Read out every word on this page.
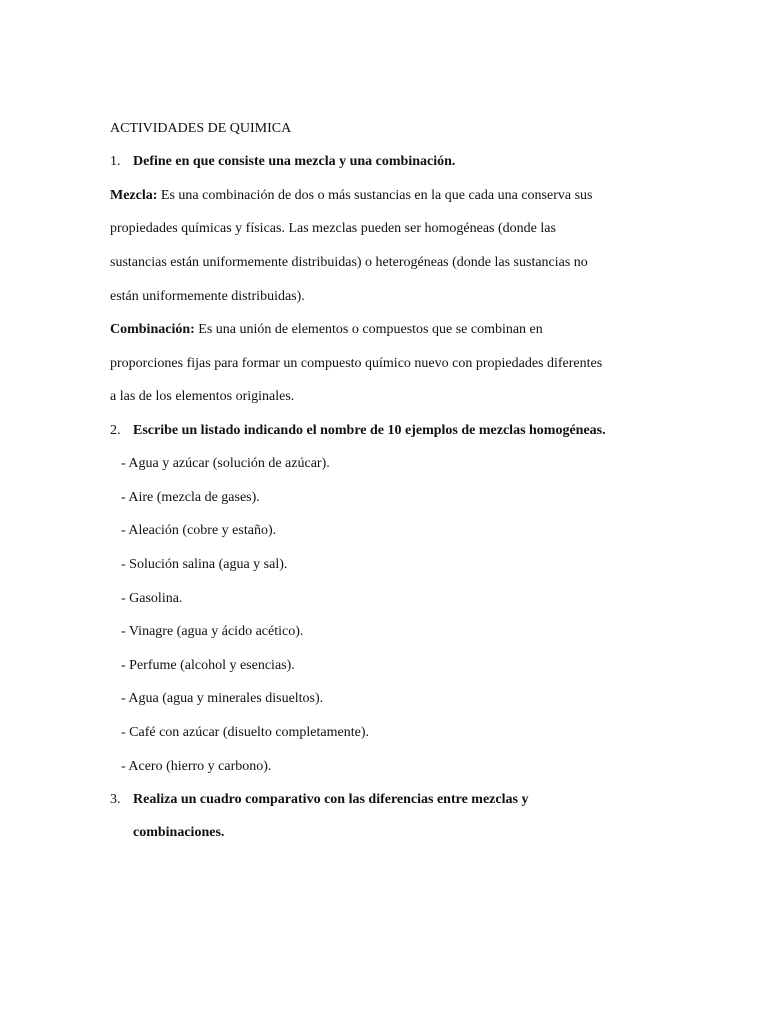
ACTIVIDADES DE QUIMICA
1. Define en que consiste una mezcla y una combinación.
Mezcla: Es una combinación de dos o más sustancias en la que cada una conserva sus
propiedades químicas y físicas. Las mezclas pueden ser homogéneas (donde las
sustancias están uniformemente distribuidas) o heterogéneas (donde las sustancias no
están uniformemente distribuidas).
Combinación: Es una unión de elementos o compuestos que se combinan en
proporciones fijas para formar un compuesto químico nuevo con propiedades diferentes
a las de los elementos originales.
2. Escribe un listado indicando el nombre de 10 ejemplos de mezclas homogéneas.
- Agua y azúcar (solución de azúcar).
- Aire (mezcla de gases).
- Aleación (cobre y estaño).
- Solución salina (agua y sal).
- Gasolina.
- Vinagre (agua y ácido acético).
- Perfume (alcohol y esencias).
- Agua (agua y minerales disueltos).
- Café con azúcar (disuelto completamente).
- Acero (hierro y carbono).
3. Realiza un cuadro comparativo con las diferencias entre mezclas y
combinaciones.
